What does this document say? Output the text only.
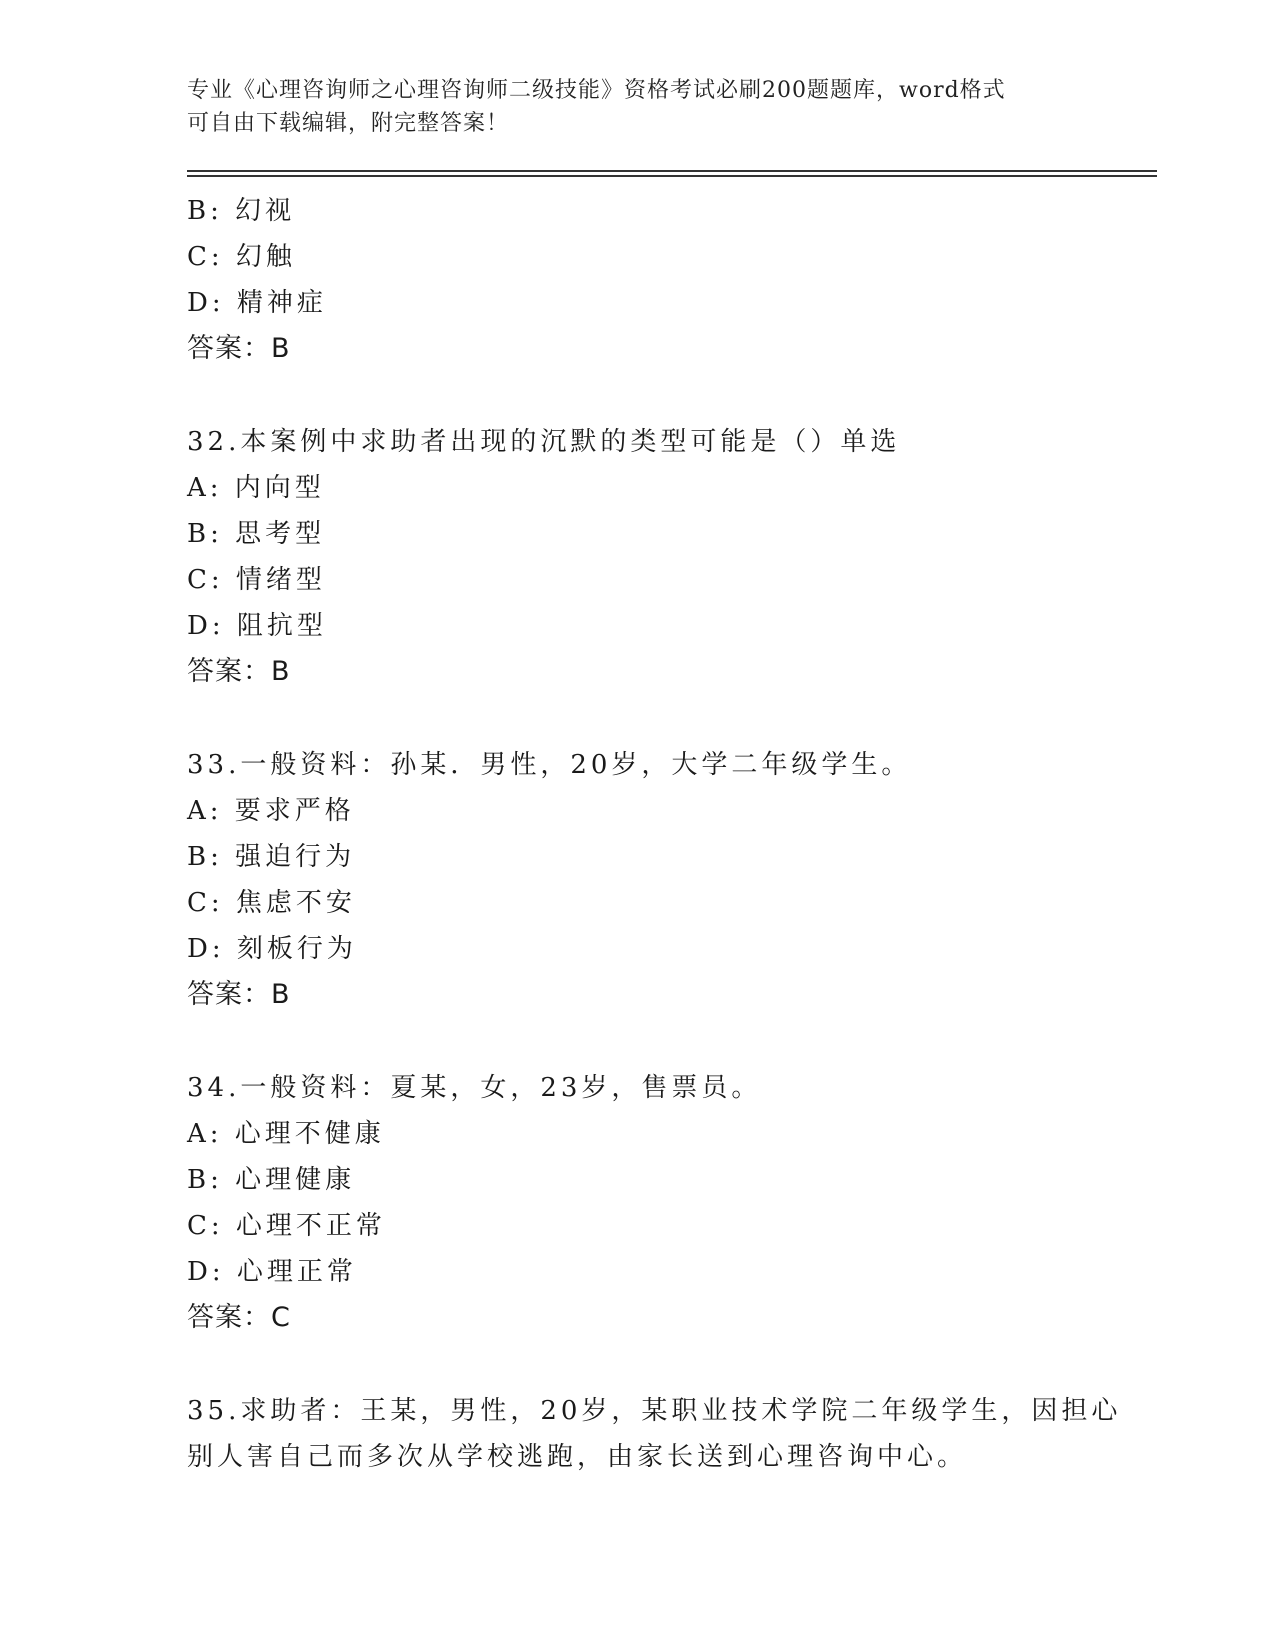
专业《心理咨询师之心理咨询师二级技能》资格考试必刷200题题库，word格式
可自由下载编辑，附完整答案！
B: 幻视
C: 幻触
D: 精神症
答案：B
32.本案例中求助者出现的沉默的类型可能是（）单选
A: 内向型
B: 思考型
C: 情绪型
D: 阻抗型
答案：B
33.一般资料：孙某．男性，20岁，大学二年级学生。
A: 要求严格
B: 强迫行为
C: 焦虑不安
D: 刻板行为
答案：B
34.一般资料：夏某，女，23岁，售票员。
A: 心理不健康
B: 心理健康
C: 心理不正常
D: 心理正常
答案：C
35.求助者：王某，男性，20岁，某职业技术学院二年级学生，因担心
别人害自己而多次从学校逃跑，由家长送到心理咨询中心。
